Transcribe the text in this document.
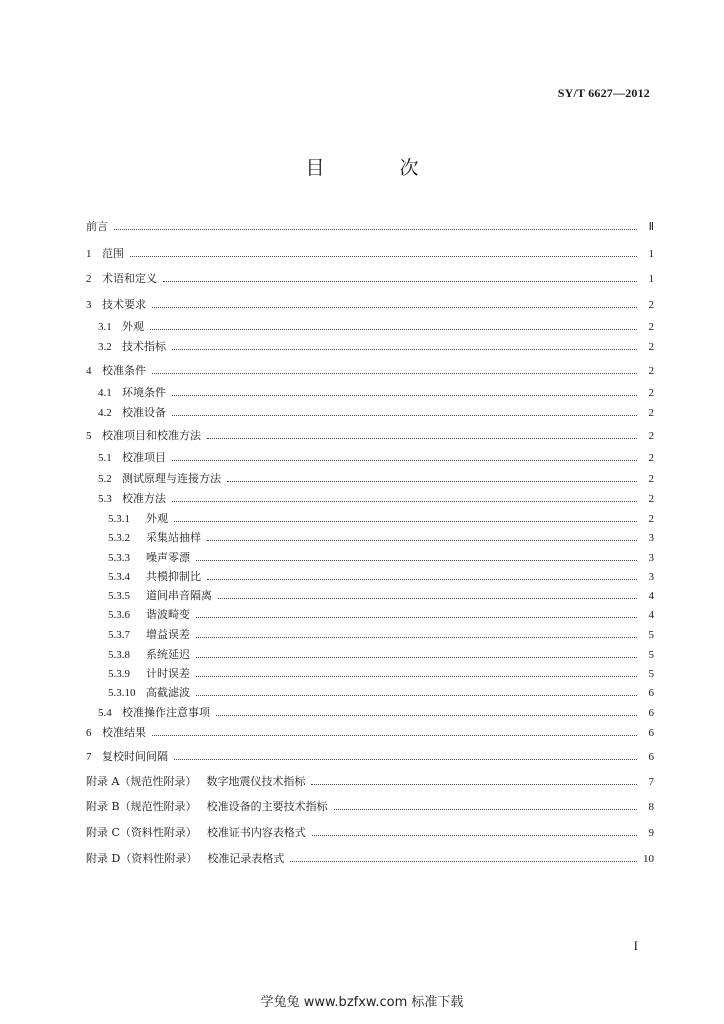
SY/T 6627—2012
目　次
前言	Ⅱ
1 范围	1
2 术语和定义	1
3 技术要求	2
3.1 外观	2
3.2 技术指标	2
4 校准条件	2
4.1 环境条件	2
4.2 校准设备	2
5 校准项目和校准方法	2
5.1 校准项目	2
5.2 测试原理与连接方法	2
5.3 校准方法	2
5.3.1	外观	2
5.3.2	采集站抽样	3
5.3.3	噪声零漂	3
5.3.4	共模抑制比	3
5.3.5	道间串音隔离	4
5.3.6	谐波畸变	4
5.3.7	增益误差	5
5.3.8	系统延迟	5
5.3.9	计时误差	5
5.3.10 高截滤波	6
5.4 校准操作注意事项	6
6 校准结果	6
7 复校时间间隔	6
附录 A（规范性附录） 数字地震仪技术指标	7
附录 B（规范性附录） 校准设备的主要技术指标	8
附录 C（资料性附录） 校准证书内容表格式	9
附录 D（资料性附录） 校准记录表格式	10
I
学兔兔 www.bzfxw.com 标准下载
